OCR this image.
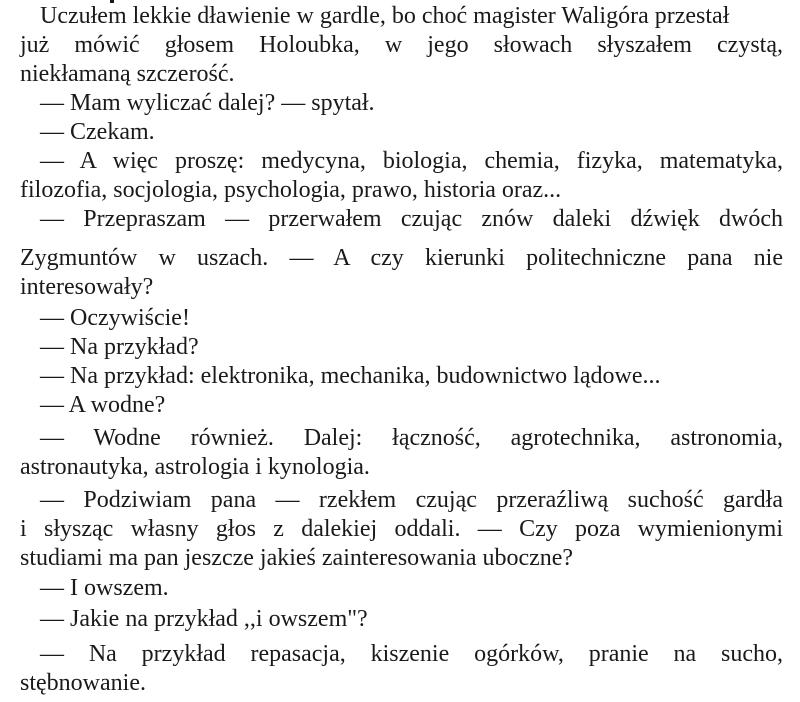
Uczułem lekkie dławienie w gardle, bo choć magister Waligóra przestał
już mówić głosem Holoubka, w jego słowach słyszałem czystą,
niekłamaną szczerość.
— Mam wyliczać dalej? — spytał.
— Czekam.
— A więc proszę: medycyna, biologia, chemia, fizyka, matematyka,
filozofia, socjologia, psychologia, prawo, historia oraz...
— Przepraszam — przerwałem czując znów daleki dźwięk dwóch
Zygmuntów w uszach. — A czy kierunki politechniczne pana nie
interesowały?
— Oczywiście!
— Na przykład?
— Na przykład: elektronika, mechanika, budownictwo lądowe...
— A wodne?
— Wodne również. Dalej: łączność, agrotechnika, astronomia,
astronautyka, astrologia i kynologia.
— Podziwiam pana — rzekłem czując przeraźliwą suchość gardła
i słysząc własny głos z dalekiej oddali. — Czy poza wymienionymi
studiami ma pan jeszcze jakieś zainteresowania uboczne?
— I owszem.
— Jakie na przykład ,,i owszem"?
— Na przykład repasacja, kiszenie ogórków, pranie na sucho,
stębnowanie.
